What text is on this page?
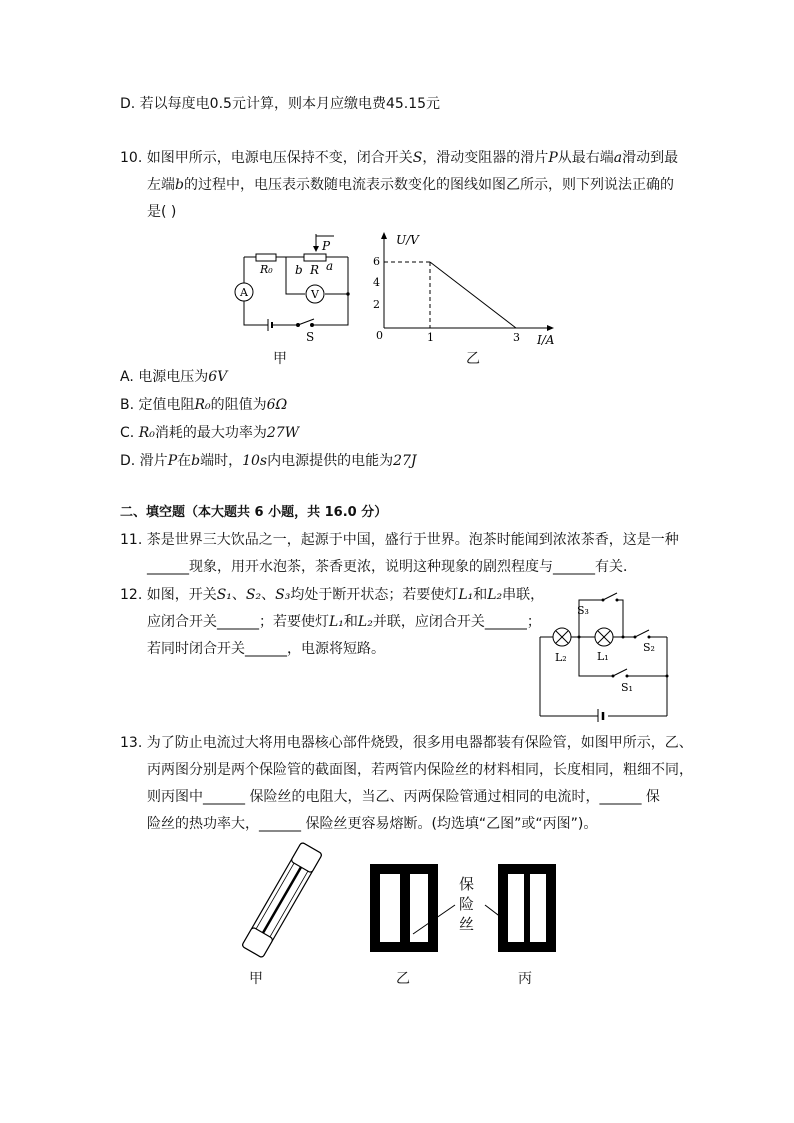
D. 若以每度电0.5元计算，则本月应缴电费45.15元
10. 如图甲所示，电源电压保持不变，闭合开关S，滑动变阻器的滑片P从最右端a滑动到最
左端b的过程中，电压表示数随电流表示数变化的图线如图乙所示，则下列说法正确的
是( )
A	V
R₀ b R a
P
S
甲
U/V
I/A
0
2
4
6
1	3
乙
A. 电源电压为6V
B. 定值电阻R₀的阻值为6Ω
C. R₀消耗的最大功率为27W
D. 滑片P在b端时，10s内电源提供的电能为27J
二、填空题（本大题共 6 小题，共 16.0 分）
11. 茶是世界三大饮品之一，起源于中国，盛行于世界。泡茶时能闻到浓浓茶香，这是一种
______现象，用开水泡茶，茶香更浓，说明这种现象的剧烈程度与______有关．
12. 如图，开关S₁、S₂、S₃均处于断开状态；若要使灯L₁和L₂串联，
应闭合开关______；若要使灯L₁和L₂并联，应闭合开关______；
若同时闭合开关______，电源将短路。
S₃
S₂
S₁
L₁
L₂
13. 为了防止电流过大将用电器核心部件烧毁，很多用电器都装有保险管，如图甲所示，乙、
丙两图分别是两个保险管的截面图，若两管内保险丝的材料相同，长度相同，粗细不同，
则丙图中______ 保险丝的电阻大，当乙、丙两保险管通过相同的电流时，______ 保
险丝的热功率大，______ 保险丝更容易熔断。(均选填“乙图”或“丙图”)。
甲	乙
保
险
丝
丙
